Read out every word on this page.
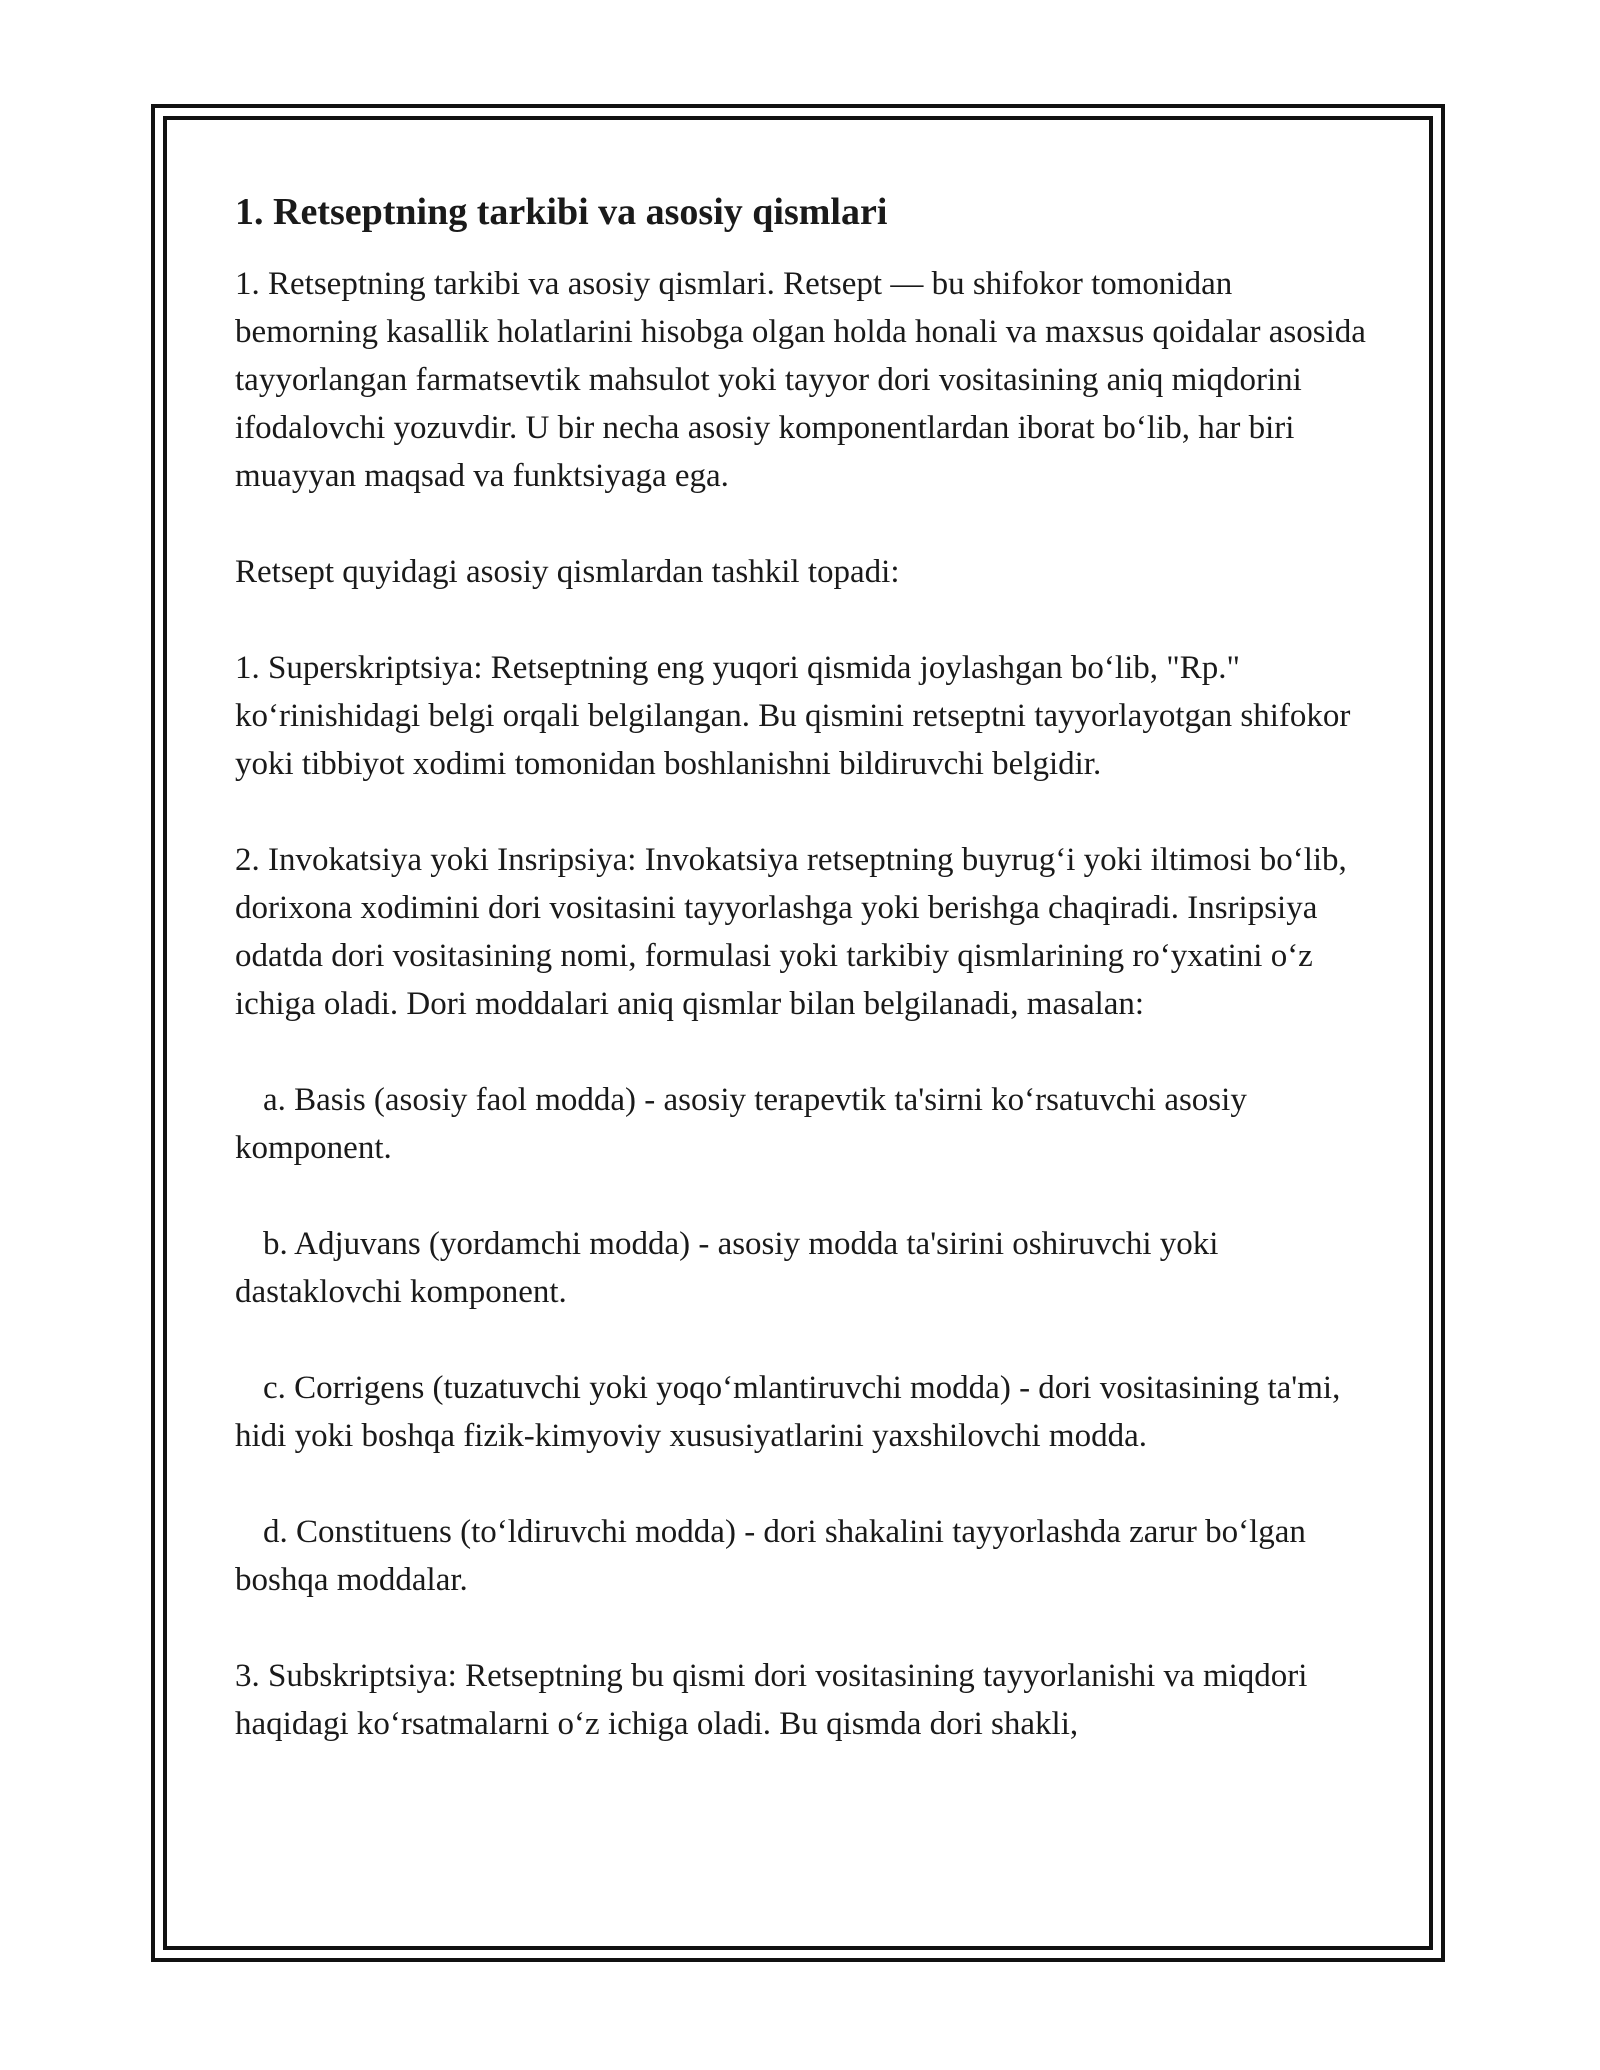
1. Retseptning tarkibi va asosiy qismlari

1. Retseptning tarkibi va asosiy qismlari. Retsept — bu shifokor tomonidan bemorning kasallik holatlarini hisobga olgan holda honali va maxsus qoidalar asosida tayyorlangan farmatsevtik mahsulot yoki tayyor dori vositasining aniq miqdorini ifodalovchi yozuvdir. U bir necha asosiy komponentlardan iborat boʻlib, har biri muayyan maqsad va funktsiyaga ega.

Retsept quyidagi asosiy qismlardan tashkil topadi:

1. Superskriptsiya: Retseptning eng yuqori qismida joylashgan boʻlib, "Rp." koʻrinishidagi belgi orqali belgilangan. Bu qismini retseptni tayyorlayotgan shifokor yoki tibbiyot xodimi tomonidan boshlanishni bildiruvchi belgidir.

2. Invokatsiya yoki Insripsiya: Invokatsiya retseptning buyrugʻi yoki iltimosi boʻlib, dorixona xodimini dori vositasini tayyorlashga yoki berishga chaqiradi. Insripsiya odatda dori vositasining nomi, formulasi yoki tarkibiy qismlarining roʻyxatini oʻz ichiga oladi. Dori moddalari aniq qismlar bilan belgilanadi, masalan:

a. Basis (asosiy faol modda) - asosiy terapevtik ta'sirni koʻrsatuvchi asosiy komponent.

b. Adjuvans (yordamchi modda) - asosiy modda ta'sirini oshiruvchi yoki dastaklovchi komponent.

c. Corrigens (tuzatuvchi yoki yoqoʻmlantiruvchi modda) - dori vositasining ta'mi, hidi yoki boshqa fizik-kimyoviy xususiyatlarini yaxshilovchi modda.

d. Constituens (toʻldiruvchi modda) - dori shakalini tayyorlashda zarur boʻlgan boshqa moddalar.

3. Subskriptsiya: Retseptning bu qismi dori vositasining tayyorlanishi va miqdori haqidagi koʻrsatmalarni oʻz ichiga oladi. Bu qismda dori shakli,
